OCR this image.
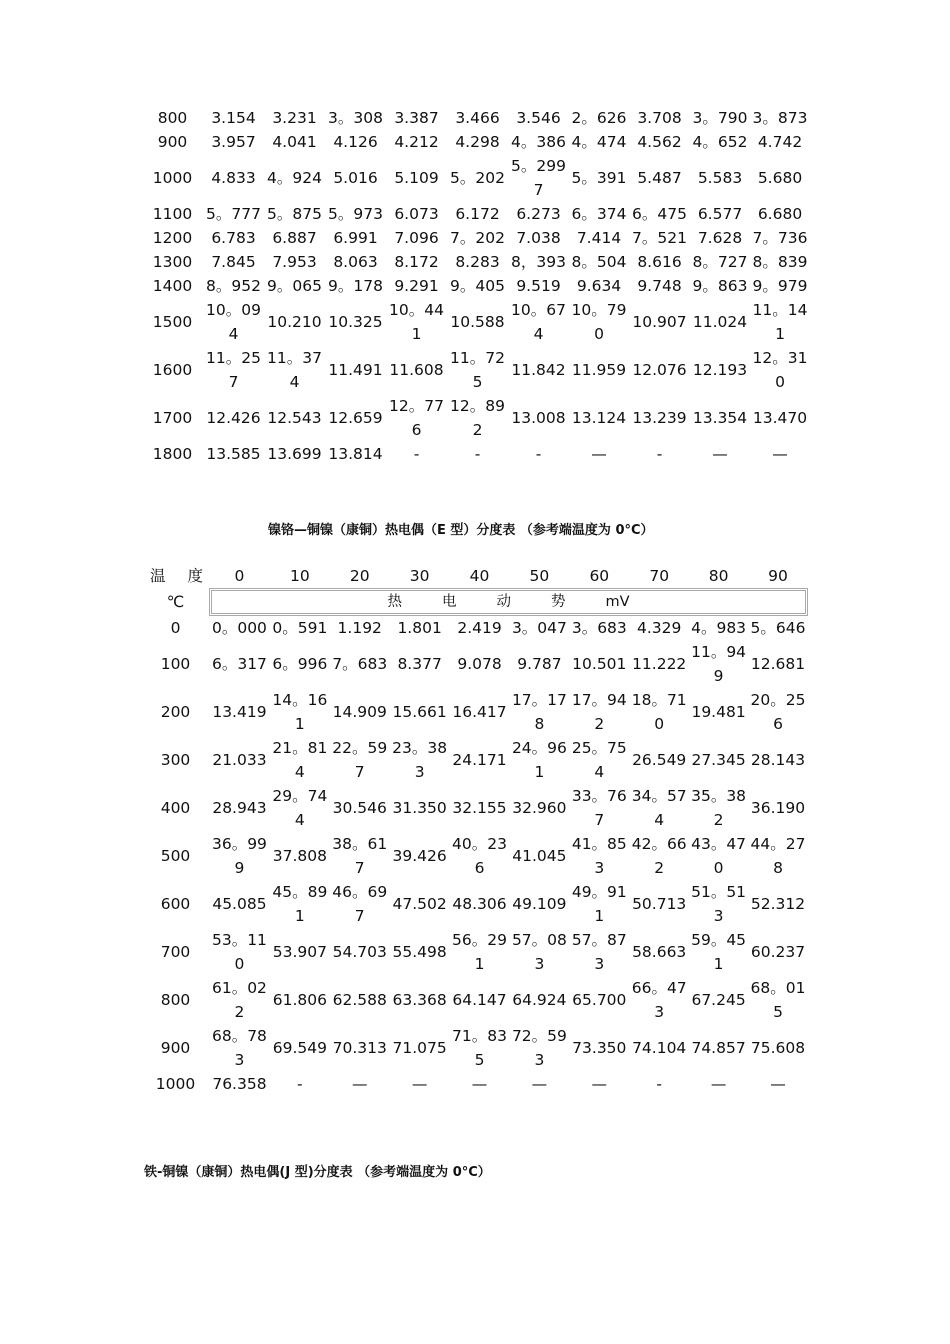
800	3.154	3.231	3。308	3.387	3.466	3.546	2。626	3.708	3。790	3。873
900	3.957	4.041	4.126	4.212	4.298	4。386	4。474	4.562	4。652	4.742
1000	4.833	4。924	5.016	5.109	5。202	5。2997	5。391	5.487	5.583	5.680
1100	5。777	5。875	5。973	6.073	6.172	6.273	6。374	6。475	6.577	6.680
1200	6.783	6.887	6.991	7.096	7。202	7.038	7.414	7。521	7.628	7。736
1300	7.845	7.953	8.063	8.172	8.283	8，393	8。504	8.616	8。727	8。839
1400	8。952	9。065	9。178	9.291	9。405	9.519	9.634	9.748	9。863	9。979
1500	10。094	10.210	10.325	10。441	10.588	10。674	10。790	10.907	11.024	11。141
1600	11。257	11。374	11.491	11.608	11。725	11.842	11.959	12.076	12.193	12。310
1700	12.426	12.543	12.659	12。776	12。892	13.008	13.124	13.239	13.354	13.470
1800	13.585	13.699	13.814	-	-	-	—	-	—	—
镍铬—铜镍（康铜）热电偶（E 型）分度表 （参考端温度为 0°C）
温度	0	10	20	30	40	50	60	70	80	90
℃	热 电 动 势 mV									

0	0。000	0。591	1.192	1.801	2.419	3。047	3。683	4.329	4。983	5。646
100	6。317	6。996	7。683	8.377	9.078	9.787	10.501	11.222	11。949	12.681
200	13.419	14。161	14.909	15.661	16.417	17。178	17。942	18。710	19.481	20。256
300	21.033	21。814	22。597	23。383	24.171	24。961	25。754	26.549	27.345	28.143
400	28.943	29。744	30.546	31.350	32.155	32.960	33。767	34。574	35。382	36.190
500	36。999	37.808	38。617	39.426	40。236	41.045	41。853	42。662	43。470	44。278
600	45.085	45。891	46。697	47.502	48.306	49.109	49。911	50.713	51。513	52.312
700	53。110	53.907	54.703	55.498	56。291	57。083	57。873	58.663	59。451	60.237
800	61。022	61.806	62.588	63.368	64.147	64.924	65.700	66。473	67.245	68。015
900	68。783	69.549	70.313	71.075	71。835	72。593	73.350	74.104	74.857	75.608
1000	76.358	-	—	—	—	—	—	-	—	—
铁-铜镍（康铜）热电偶(J 型)分度表 （参考端温度为 0°C）
